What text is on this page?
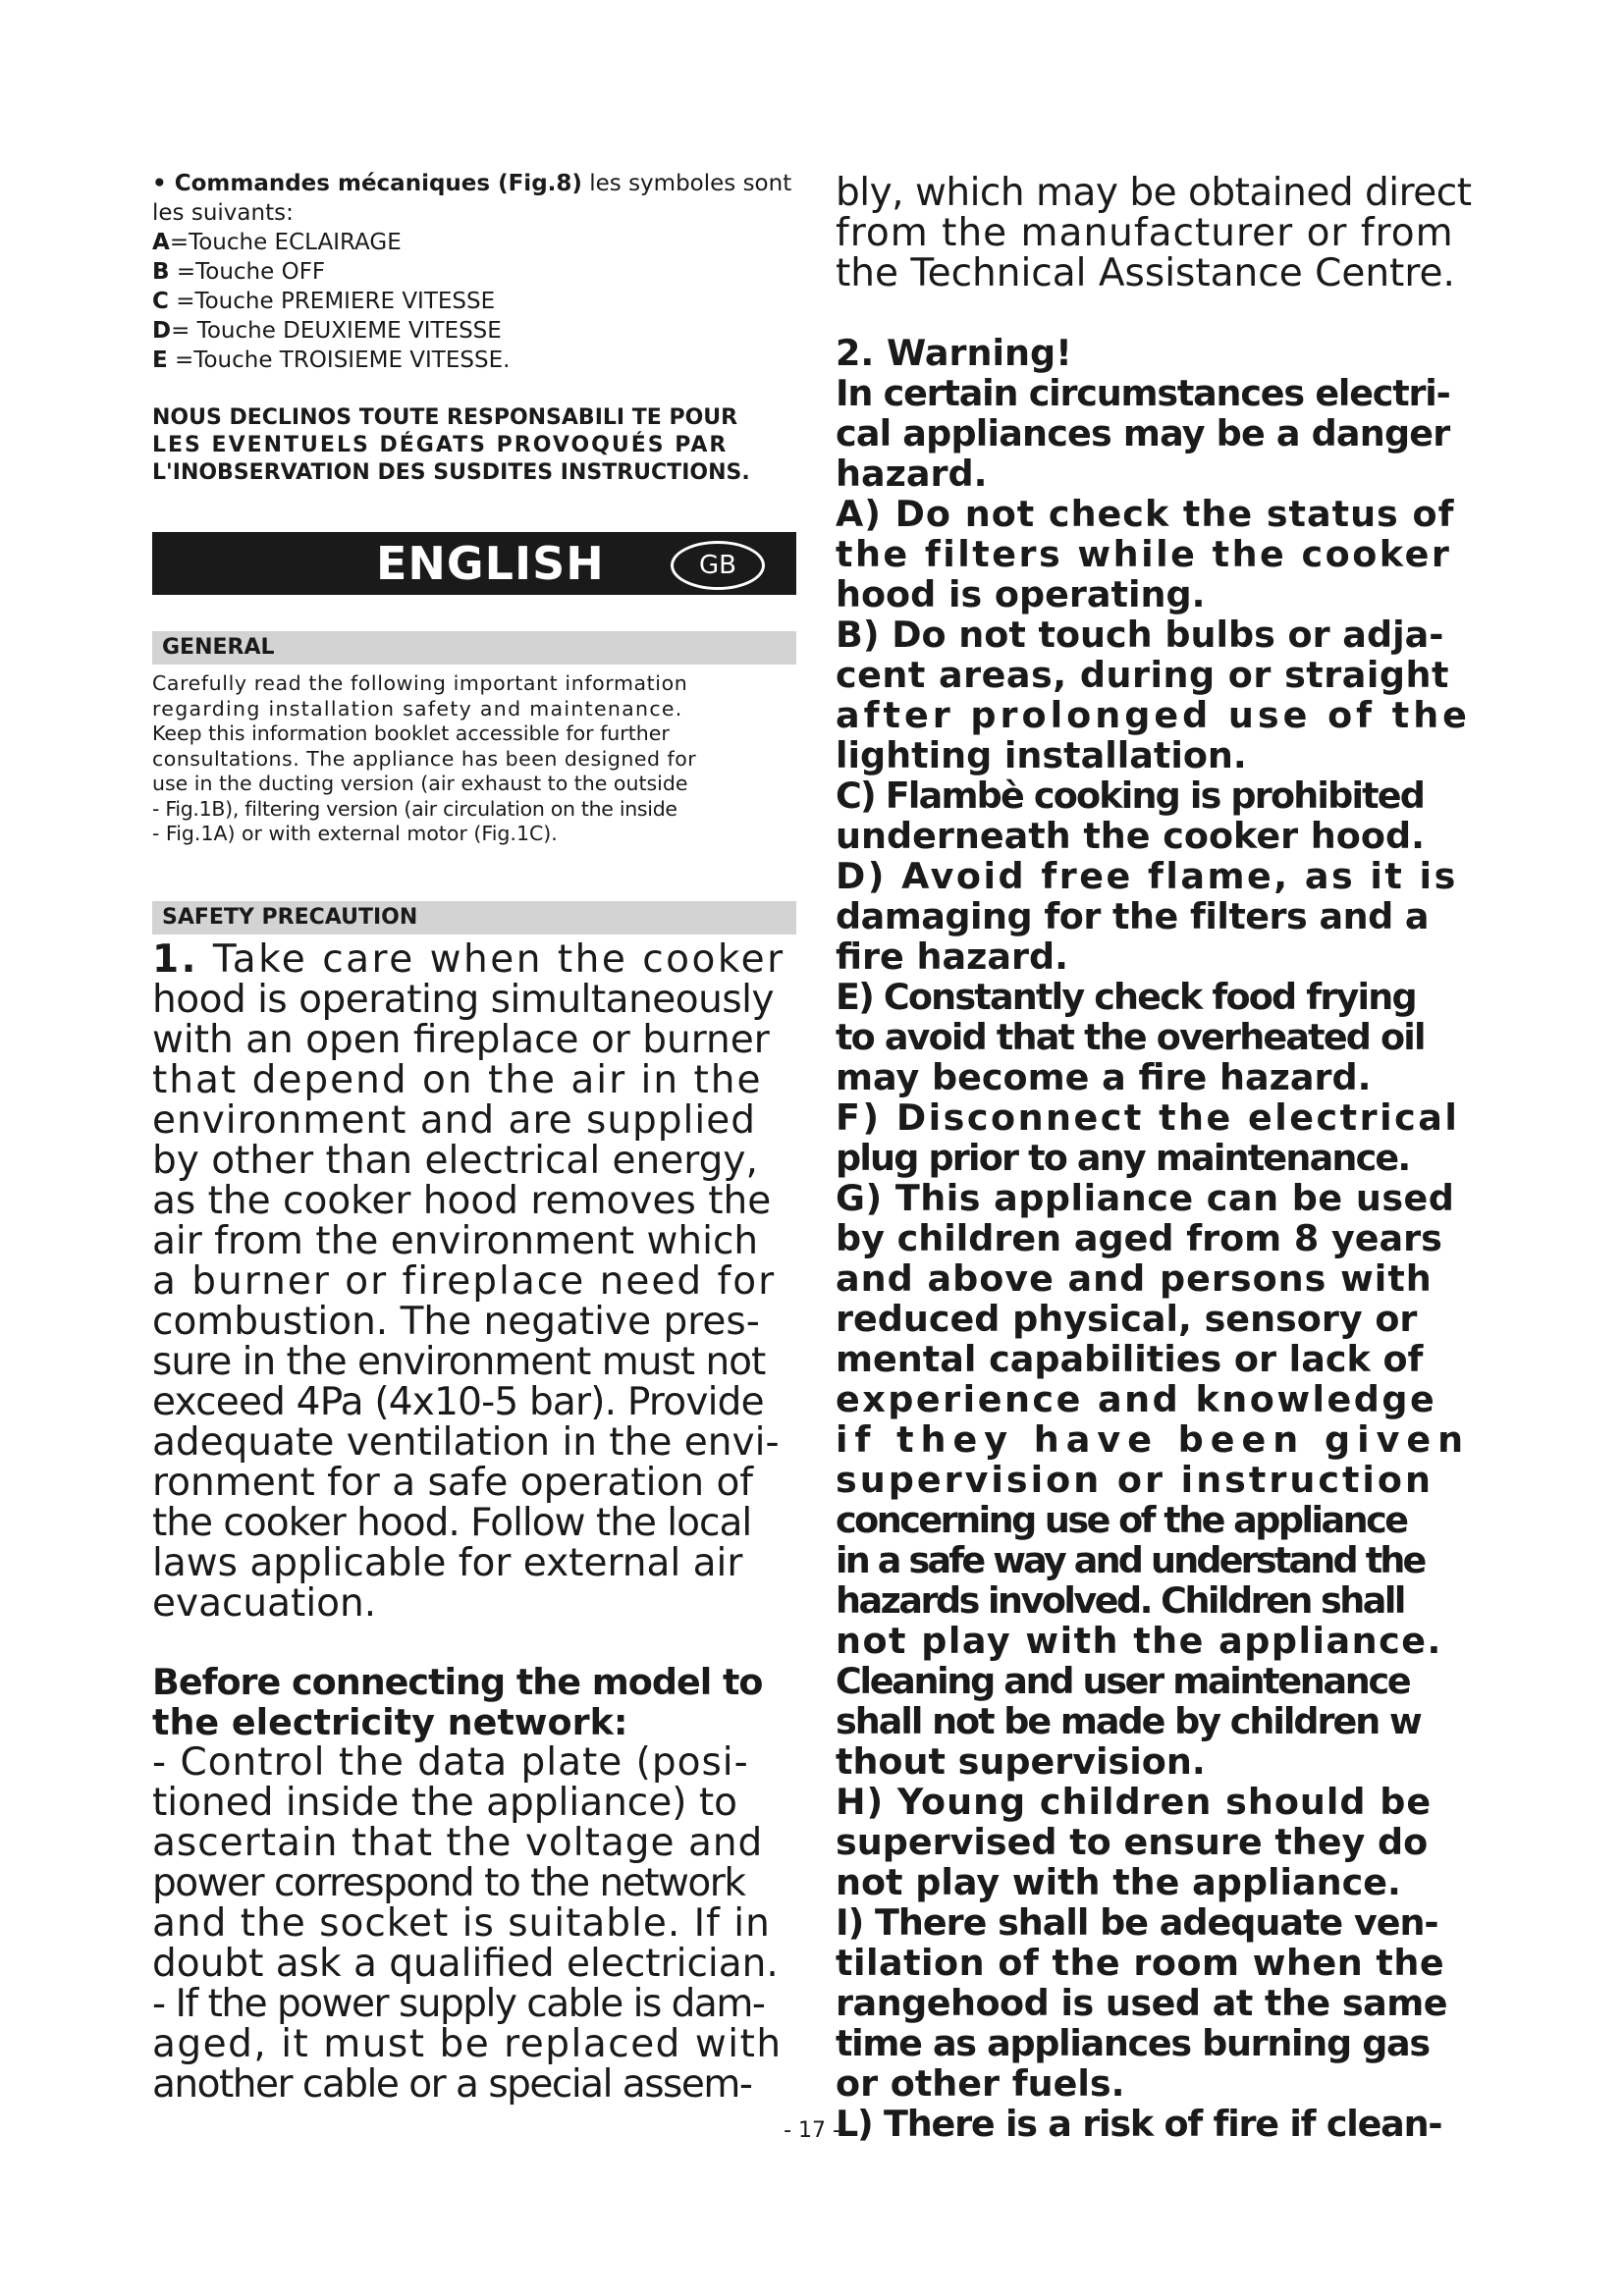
• Commandes mécaniques (Fig.8) les symboles sont
les suivants:
A=Touche ECLAIRAGE
B =Touche OFF
C =Touche PREMIERE VITESSE
D= Touche DEUXIEME VITESSE
E =Touche TROISIEME VITESSE.
NOUS DECLINOS TOUTE RESPONSABILI TE POUR
LES EVENTUELS DÉGATS PROVOQUÉS PAR
L'INOBSERVATION DES SUSDITES INSTRUCTIONS.
ENGLISH	GB
GENERAL
Carefully read the following important information
regarding installation safety and maintenance.
Keep this information booklet accessible for further
consultations. The appliance has been designed for
use in the ducting version (air exhaust to the outside
- Fig.1B), filtering version (air circulation on the inside
- Fig.1A) or with external motor (Fig.1C).
SAFETY PRECAUTION
1. Take care when the cooker
hood is operating simultaneously
with an open fireplace or burner
that depend on the air in the
environment and are supplied
by other than electrical energy,
as the cooker hood removes the
air from the environment which
a burner or fireplace need for
combustion. The negative pres-
sure in the environment must not
exceed 4Pa (4x10-5 bar). Provide
adequate ventilation in the envi-
ronment for a safe operation of
the cooker hood. Follow the local
laws applicable for external air
evacuation.
Before connecting the model to
the electricity network:
- Control the data plate (posi-
tioned inside the appliance) to
ascertain that the voltage and
power correspond to the network
and the socket is suitable. If in
doubt ask a qualified electrician.
- If the power supply cable is dam-
aged, it must be replaced with
another cable or a special assem-
bly, which may be obtained direct
from the manufacturer or from
the Technical Assistance Centre.
2. Warning!
In certain circumstances electri-
cal appliances may be a danger
hazard.
A) Do not check the status of
the filters while the cooker
hood is operating.
B) Do not touch bulbs or adja-
cent areas, during or straight
after prolonged use of the
lighting installation.
C) Flambè cooking is prohibited
underneath the cooker hood.
D) Avoid free flame, as it is
damaging for the filters and a
fire hazard.
E) Constantly check food frying
to avoid that the overheated oil
may become a fire hazard.
F) Disconnect the electrical
plug prior to any maintenance.
G) This appliance can be used
by children aged from 8 years
and above and persons with
reduced physical, sensory or
mental capabilities or lack of
experience and knowledge
if they have been given
supervision or instruction
concerning use of the appliance
in a safe way and understand the
hazards involved. Children shall
not play with the appliance.
Cleaning and user maintenance
shall not be made by children w
thout supervision.
H) Young children should be
supervised to ensure they do
not play with the appliance.
I) There shall be adequate ven-
tilation of the room when the
rangehood is used at the same
time as appliances burning gas
or other fuels.
L) There is a risk of fire if clean-
- 17 -
